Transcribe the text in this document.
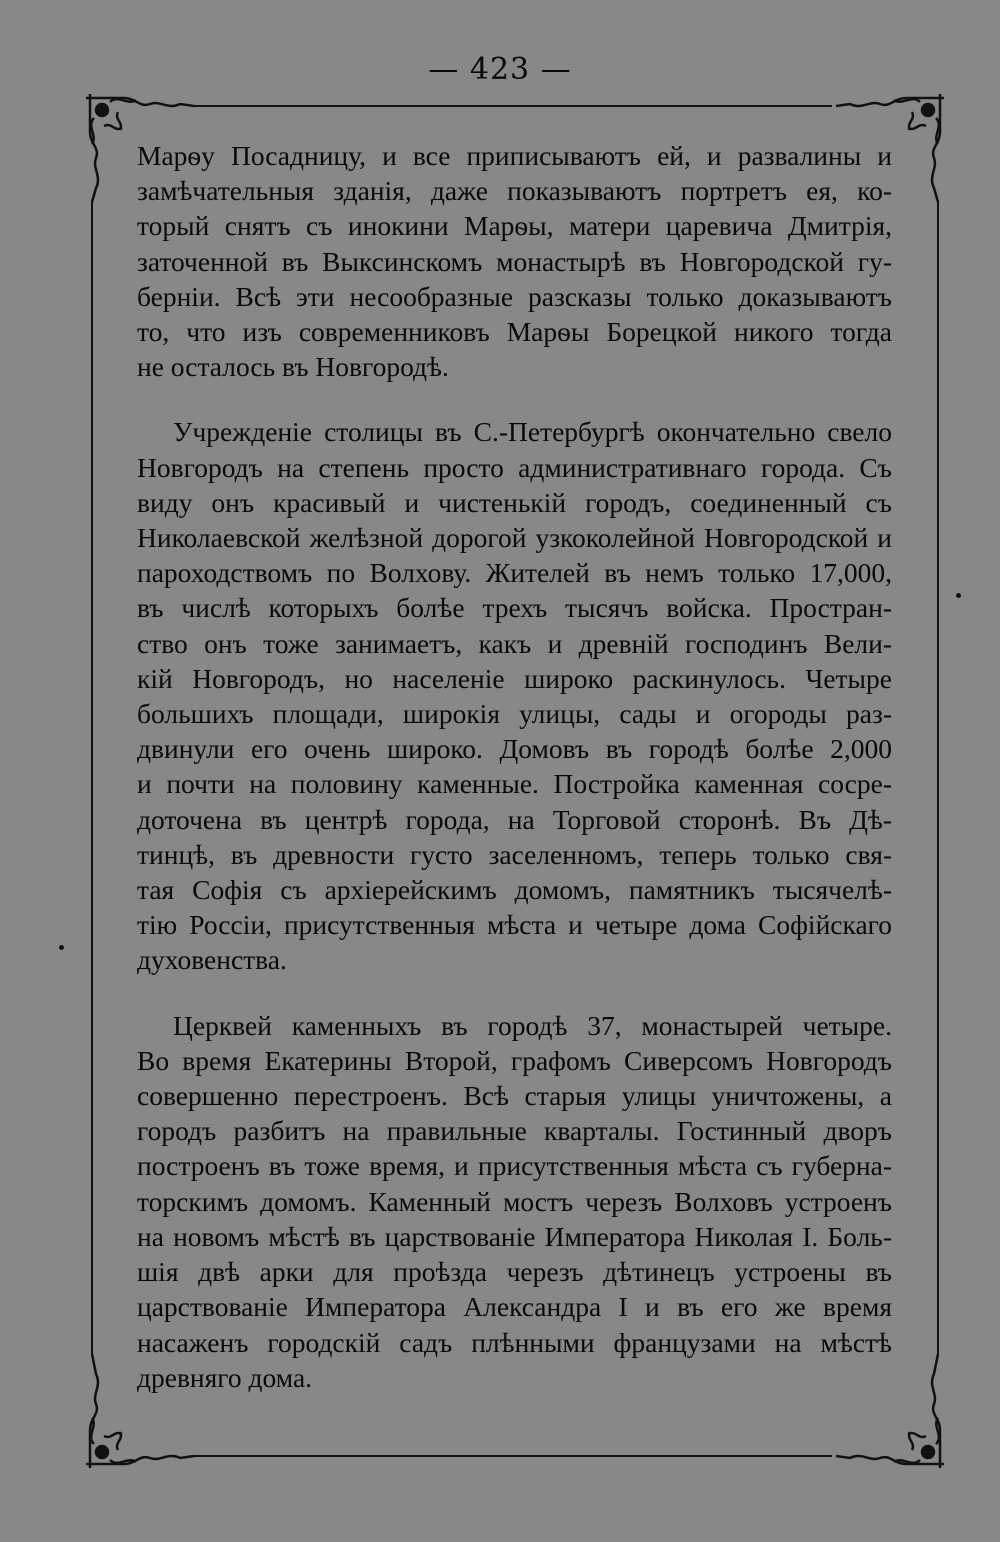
— 423 —
Марѳу Посадницу, и все приписываютъ ей, и развалины и
замѣчательныя зданія, даже показываютъ портретъ ея, ко-
торый снятъ съ инокини Марѳы, матери царевича Дмитрія,
заточенной въ Выксинскомъ монастырѣ въ Новгородской гу-
берніи. Всѣ эти несообразные разсказы только доказываютъ
то, что изъ современниковъ Марѳы Борецкой никого тогда
не осталось въ Новгородѣ.
Учрежденіе столицы въ С.-Петербургѣ окончательно свело
Новгородъ на степень просто административнаго города. Съ
виду онъ красивый и чистенькій городъ, соединенный съ
Николаевской желѣзной дорогой узкоколейной Новгородской и
пароходствомъ по Волхову. Жителей въ немъ только 17,000,
въ числѣ которыхъ болѣе трехъ тысячъ войска. Простран-
ство онъ тоже занимаетъ, какъ и древній господинъ Вели-
кій Новгородъ, но населеніе широко раскинулось. Четыре
большихъ площади, широкія улицы, сады и огороды раз-
двинули его очень широко. Домовъ въ городѣ болѣе 2,000
и почти на половину каменные. Постройка каменная сосре-
доточена въ центрѣ города, на Торговой сторонѣ. Въ Дѣ-
тинцѣ, въ древности густо заселенномъ, теперь только свя-
тая Софія съ архіерейскимъ домомъ, памятникъ тысячелѣ-
тію Россіи, присутственныя мѣста и четыре дома Софійскаго
духовенства.
Церквей каменныхъ въ городѣ 37, монастырей четыре.
Во время Екатерины Второй, графомъ Сиверсомъ Новгородъ
совершенно перестроенъ. Всѣ старыя улицы уничтожены, а
городъ разбитъ на правильные кварталы. Гостинный дворъ
построенъ въ тоже время, и присутственныя мѣста съ губерна-
торскимъ домомъ. Каменный мостъ черезъ Волховъ устроенъ
на новомъ мѣстѣ въ царствованіе Императора Николая I. Боль-
шія двѣ арки для проѣзда черезъ дѣтинецъ устроены въ
царствованіе Императора Александра I и въ его же время
насаженъ городскій садъ плѣнными французами на мѣстѣ
древняго дома.
